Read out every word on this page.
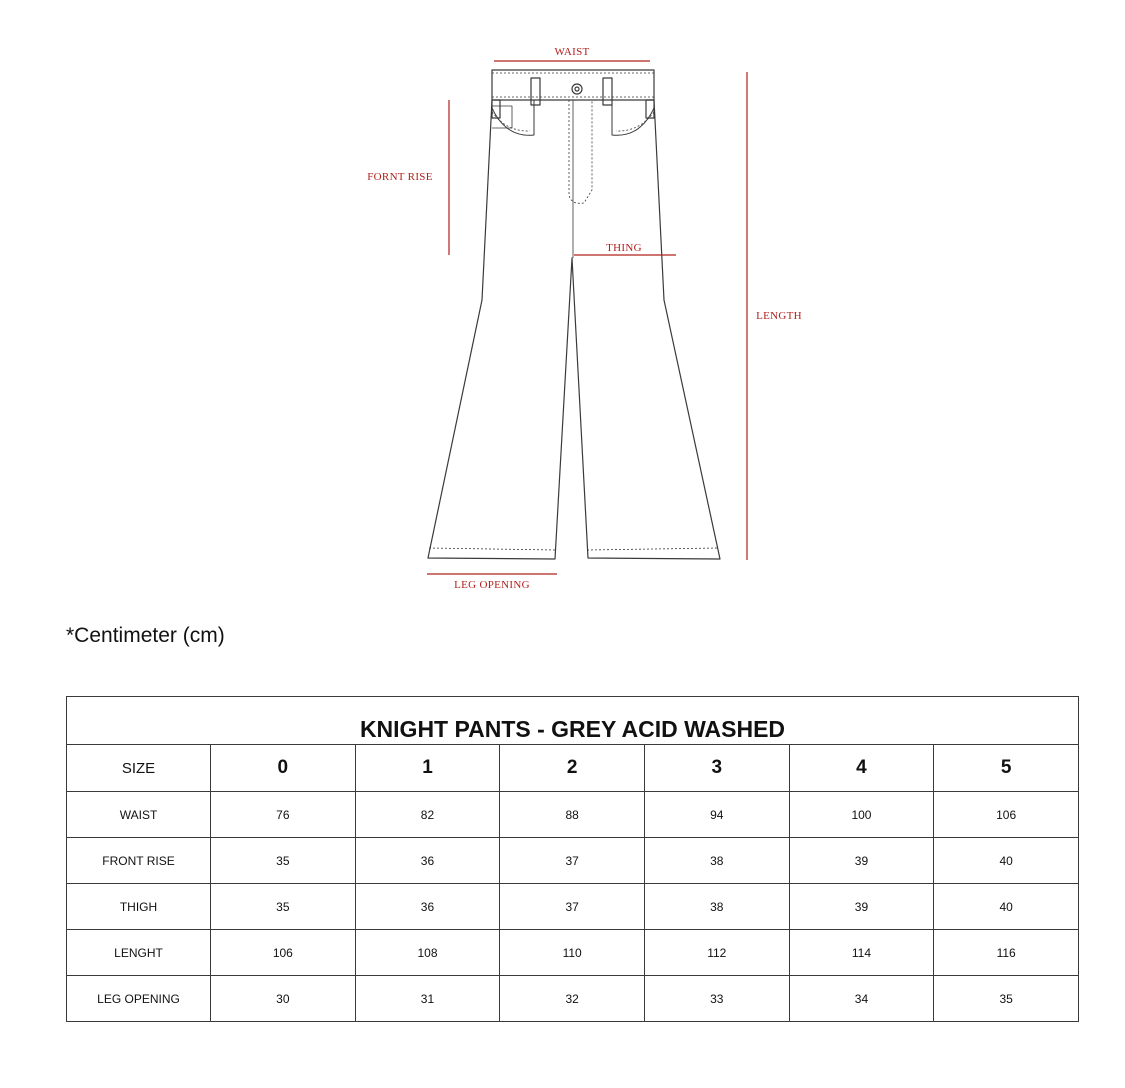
WAIST
FORNT RISE
THING
LENGTH
LEG OPENING

*Centimeter (cm)

KNIGHT PANTS - GREY ACID WASHED						
SIZE	0	1	2	3	4	5
WAIST	76	82	88	94	100	106
FRONT RISE	35	36	37	38	39	40
THIGH	35	36	37	38	39	40
LENGHT	106	108	110	112	114	116
LEG OPENING	30	31	32	33	34	35
